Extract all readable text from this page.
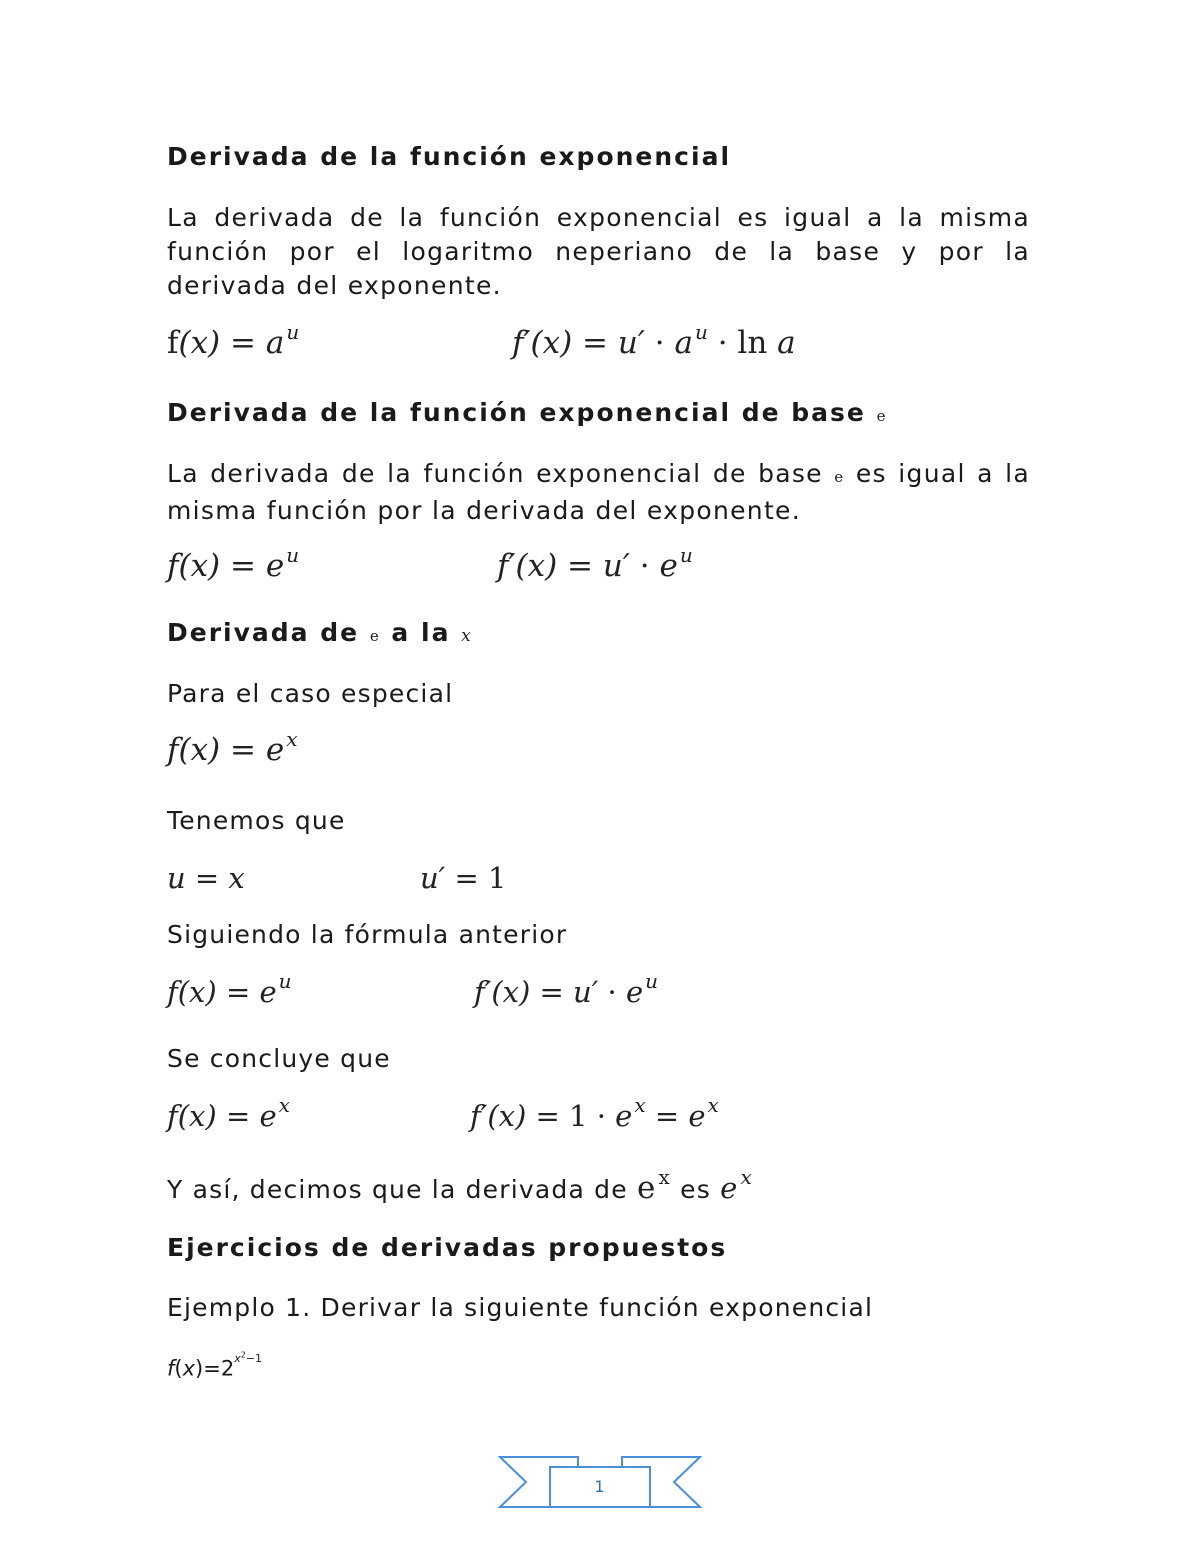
Derivada de la función exponencial
La derivada de la función exponencial es igual a la misma función por el logaritmo neperiano de la base y por la derivada del exponente.
f(x) = a $^u$	f′(x) = u′ · a $^u$ · ln a
Derivada de la función exponencial de base e
La derivada de la función exponencial de base e es igual a la misma función por la derivada del exponente.
f(x) = e $^u$	f′(x) = u′ · e $^u$
Derivada de e a la x
Para el caso especial
f(x) = e $^x$
Tenemos que
u = x	u′ = 1
Siguiendo la fórmula anterior
f(x) = e $^u$	f′(x) = u′ · e $^u$
Se concluye que
f(x) = e $^x$	f′(x) = 1 · e $^x$ = e $^x$
Y así, decimos que la derivada de e $^x$ es e $^x$
Ejercicios de derivadas propuestos
Ejemplo 1. Derivar la siguiente función exponencial
$f(x)=2^{x^2-1}$
1
